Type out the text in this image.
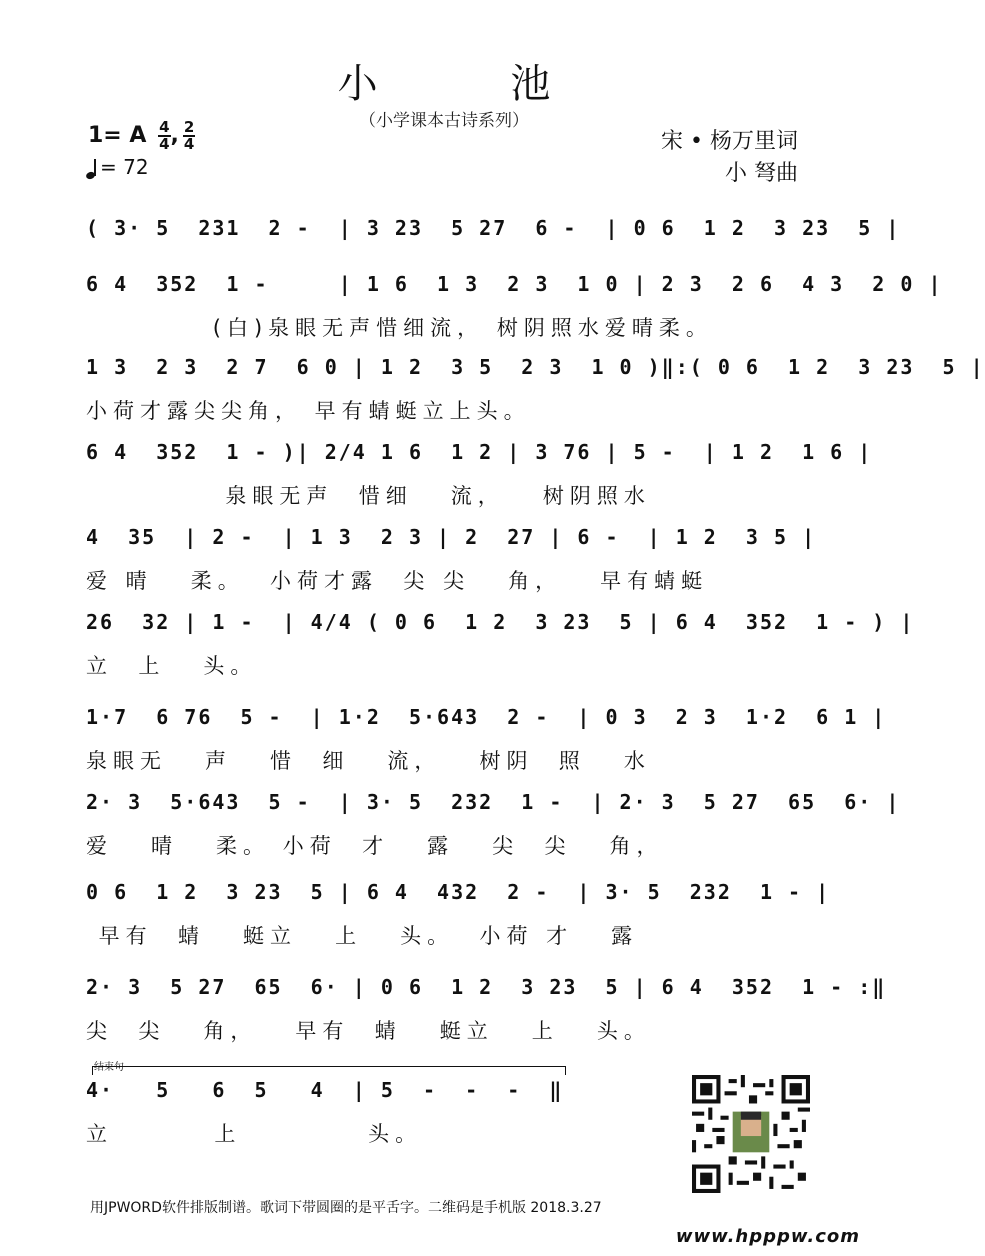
小 池
（小学课本古诗系列）
1= A $\frac{4}{4}$, $\frac{2}{4}$
= 72
宋 • 杨万里词
小 弩曲
( 3· 5  231  2 -  | 3 23  5 27  6 -  | 0 6  1 2  3 23  5 |
6 4  352  1 -     | 1 6  1 3  2 3  1 0 | 2 3  2 6  4 3  2 0 |
(白)泉眼无声惜细流， 树阴照水爱晴柔。
1 3  2 3  2 7  6 0 | 1 2  3 5  2 3  1 0 )‖:( 0 6  1 2  3 23  5 |
小荷才露尖尖角， 早有蜻蜓立上头。
6 4  352  1 - )| 2/4 1 6  1 2 | 3 76 | 5 -  | 1 2  1 6 |
泉眼无声  惜细   流，   树阴照水
4  35  | 2 -  | 1 3  2 3 | 2  27 | 6 -  | 1 2  3 5 |
爱 晴   柔。  小荷才露  尖 尖   角，   早有蜻蜓
26  32 | 1 -  | 4/4 ( 0 6  1 2  3 23  5 | 6 4  352  1 - ) |
立  上   头。
1·7  6 76  5 -  | 1·2  5·643  2 -  | 0 3  2 3  1·2  6 1 |
泉眼无   声   惜  细   流，   树阴  照   水
2· 3  5·643  5 -  | 3· 5  232  1 -  | 2· 3  5 27  65  6· |
爱   晴   柔。 小荷  才   露   尖  尖   角，
0 6  1 2  3 23  5 | 6 4  432  2 -  | 3· 5  232  1 - |
早有  蜻   蜓立   上   头。  小荷 才   露
2· 3  5 27  65  6· | 0 6  1 2  3 23  5 | 6 4  352  1 - :‖
尖  尖   角，   早有  蜻   蜓立   上   头。
4·   5   6  5   4  | 5  -  -  -  ‖
立        上          头。
结束句
用JPWORD软件排版制谱。歌词下带圆圈的是平舌字。二维码是手机版 2018.3.27
www.hpppw.com
